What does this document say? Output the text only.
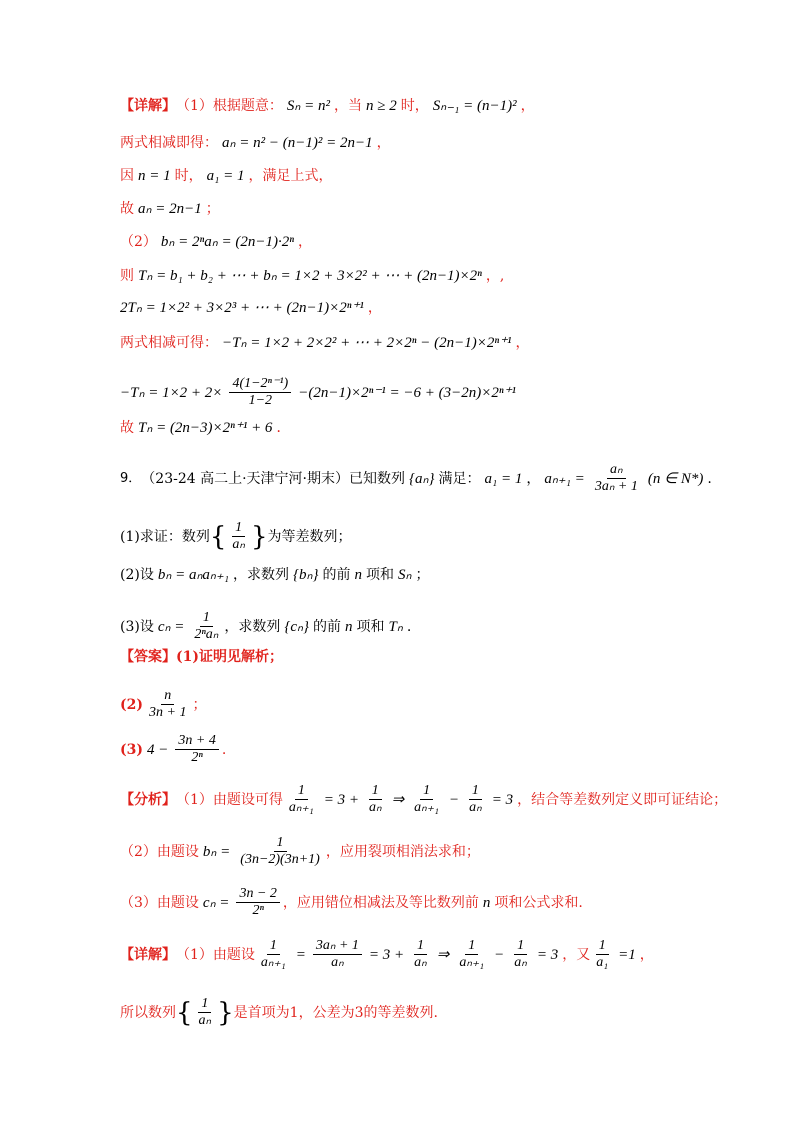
【详解】 （1）根据题意： Sₙ = n² ，当 n ≥ 2 时， Sₙ₋₁ = (n−1)² ，
两式相减即得： aₙ = n² − (n−1)² = 2n−1 ，
因 n = 1 时， a₁ = 1 ，满足上式，
故 aₙ = 2n−1 ；
（2） bₙ = 2ⁿaₙ = (2n−1)·2ⁿ ，
则 Tₙ = b₁ + b₂ + ⋯ + bₙ = 1×2 + 3×2² + ⋯ + (2n−1)×2ⁿ ，,
2Tₙ = 1×2² + 3×2³ + ⋯ + (2n−1)×2ⁿ⁺¹ ，
两式相减可得： −Tₙ = 1×2 + 2×2² + ⋯ + 2×2ⁿ − (2n−1)×2ⁿ⁺¹ ，
$-T_n = 1\times 2 + 2\times \frac{\text{4(1−2ⁿ⁻¹)}}{1-2} -(2n-1)\times 2^{n-1} = -6 + (3-2n)\times 2^{n+1}$
故 Tₙ = (2n−3)×2ⁿ⁺¹ + 6 ．
9． （23-24 高二上·天津宁河·期末）已知数列 {aₙ} 满足： a₁ = 1 ， $a_{n+1} = \frac{\text{aₙ}}{\text{3aₙ + 1}} (n$ ∈ N*) .
(1)求证：数列 { $\frac{1}{\text{aₙ}}$ } 为等差数列；
(2)设 bₙ = aₙaₙ₊₁ ，求数列 {bₙ} 的前 n 项和 Sₙ ；
(3)设 $c_n = \frac{1}{\text{2ⁿaₙ}}$ ，求数列 {cₙ} 的前 n 项和 Tₙ .
【答案】 (1)证明见解析；
$(2) \frac{n}{3n + 1}$ ；
(3) $4 - \frac{3n + 4}{\text{2ⁿ}}$ .
【分析】 （1）由题设可得 $\frac{1}{\text{aₙ₊₁}} = 3 + \frac{1}{\text{aₙ}}$ ⇒ $\frac{1}{\text{aₙ₊₁}} - \frac{1}{\text{aₙ}} = 3$ ，结合等差数列定义即可证结论；
（2）由题设 $b_n = \frac{1}{(3n-2)(3n+1)}$ ，应用裂项相消法求和；
（3）由题设 $c_n = \frac{3n - 2}{\text{2ⁿ}}$ ，应用错位相减法及等比数列前 n 项和公式求和.
【详解】 （1）由题设 $\frac{1}{\text{aₙ₊₁}} = \frac{\text{3aₙ + 1}}{\text{aₙ}} = 3 + \frac{1}{\text{aₙ}}$ ⇒ $\frac{1}{\text{aₙ₊₁}} - \frac{1}{\text{aₙ}} = 3$ ，又 $\frac{1}{\text{a₁}} =1$ ，
所以数列 { $\frac{1}{\text{aₙ}}$ } 是首项为1，公差为3的等差数列.
